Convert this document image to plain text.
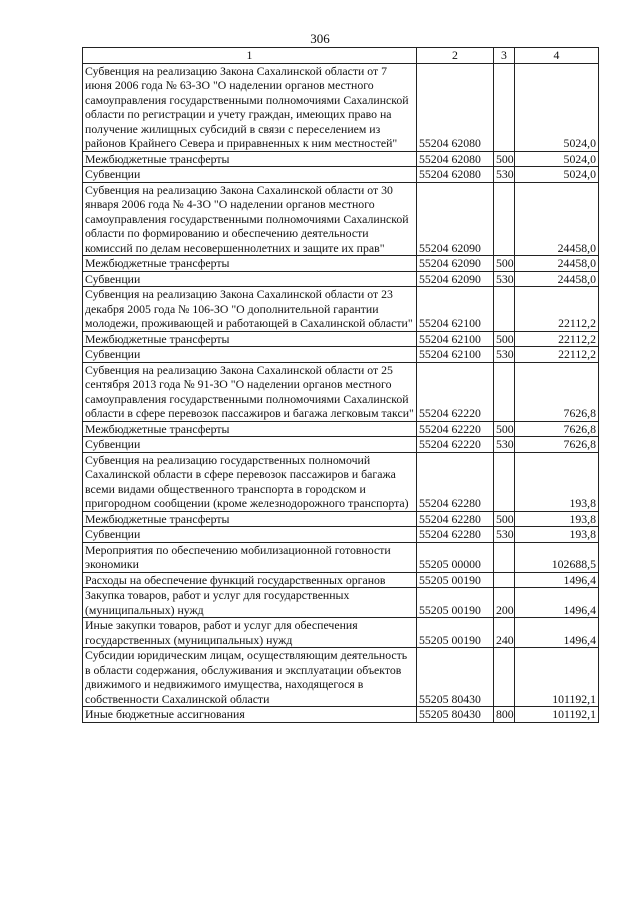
306
1	2	3	4
Субвенция на реализацию Закона Сахалинской области от 7 июня 2006 года № 63-ЗО "О наделении органов местного самоуправления государственными полномочиями Сахалинской области по регистрации и учету граждан, имеющих право на получение жилищных субсидий в связи с переселением из районов Крайнего Севера и приравненных к ним местностей"	55204 62080		5024,0
Межбюджетные трансферты	55204 62080	500	5024,0
Субвенции	55204 62080	530	5024,0
Субвенция на реализацию Закона Сахалинской области от 30 января 2006 года № 4-ЗО "О наделении органов местного самоуправления государственными полномочиями Сахалинской области по формированию и обеспечению деятельности комиссий по делам несовершеннолетних и защите их прав"	55204 62090		24458,0
Межбюджетные трансферты	55204 62090	500	24458,0
Субвенции	55204 62090	530	24458,0
Субвенция на реализацию Закона Сахалинской области от 23 декабря 2005 года № 106-ЗО "О дополнительной гарантии молодежи, проживающей и работающей в Сахалинской области"	55204 62100		22112,2
Межбюджетные трансферты	55204 62100	500	22112,2
Субвенции	55204 62100	530	22112,2
Субвенция на реализацию Закона Сахалинской области от 25 сентября 2013 года № 91-ЗО "О наделении органов местного самоуправления государственными полномочиями Сахалинской области в сфере перевозок пассажиров и багажа легковым такси"	55204 62220		7626,8
Межбюджетные трансферты	55204 62220	500	7626,8
Субвенции	55204 62220	530	7626,8
Субвенция на реализацию государственных полномочий Сахалинской области в сфере перевозок пассажиров и багажа всеми видами общественного транспорта в городском и пригородном сообщении (кроме железнодорожного транспорта)	55204 62280		193,8
Межбюджетные трансферты	55204 62280	500	193,8
Субвенции	55204 62280	530	193,8
Мероприятия по обеспечению мобилизационной готовности экономики	55205 00000		102688,5
Расходы на обеспечение функций государственных органов	55205 00190		1496,4
Закупка товаров, работ и услуг для государственных (муниципальных) нужд	55205 00190	200	1496,4
Иные закупки товаров, работ и услуг для обеспечения государственных (муниципальных) нужд	55205 00190	240	1496,4
Субсидии юридическим лицам, осуществляющим деятельность в области содержания, обслуживания и эксплуатации объектов движимого и недвижимого имущества, находящегося в собственности Сахалинской области	55205 80430		101192,1
Иные бюджетные ассигнования	55205 80430	800	101192,1
